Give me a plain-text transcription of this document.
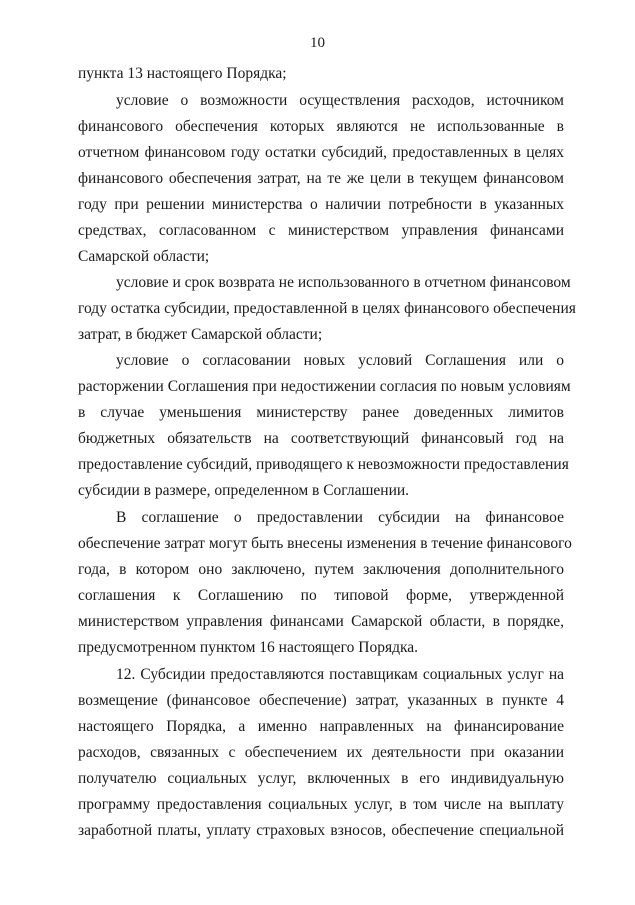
10
пункта 13 настоящего Порядка;
условие о возможности осуществления расходов, источником
финансового обеспечения которых являются не использованные в
отчетном финансовом году остатки субсидий, предоставленных в целях
финансового обеспечения затрат, на те же цели в текущем финансовом
году при решении министерства о наличии потребности в указанных
средствах, согласованном с министерством управления финансами
Самарской области;
условие и срок возврата не использованного в отчетном финансовом
году остатка субсидии, предоставленной в целях финансового обеспечения
затрат, в бюджет Самарской области;
условие о согласовании новых условий Соглашения или о
расторжении Соглашения при недостижении согласия по новым условиям
в случае уменьшения министерству ранее доведенных лимитов
бюджетных обязательств на соответствующий финансовый год на
предоставление субсидий, приводящего к невозможности предоставления
субсидии в размере, определенном в Соглашении.
В соглашение о предоставлении субсидии на финансовое
обеспечение затрат могут быть внесены изменения в течение финансового
года, в котором оно заключено, путем заключения дополнительного
соглашения к Соглашению по типовой форме, утвержденной
министерством управления финансами Самарской области, в порядке,
предусмотренном пунктом 16 настоящего Порядка.
12. Субсидии предоставляются поставщикам социальных услуг на
возмещение (финансовое обеспечение) затрат, указанных в пункте 4
настоящего Порядка, а именно направленных на финансирование
расходов, связанных с обеспечением их деятельности при оказании
получателю социальных услуг, включенных в его индивидуальную
программу предоставления социальных услуг, в том числе на выплату
заработной платы, уплату страховых взносов, обеспечение специальной
